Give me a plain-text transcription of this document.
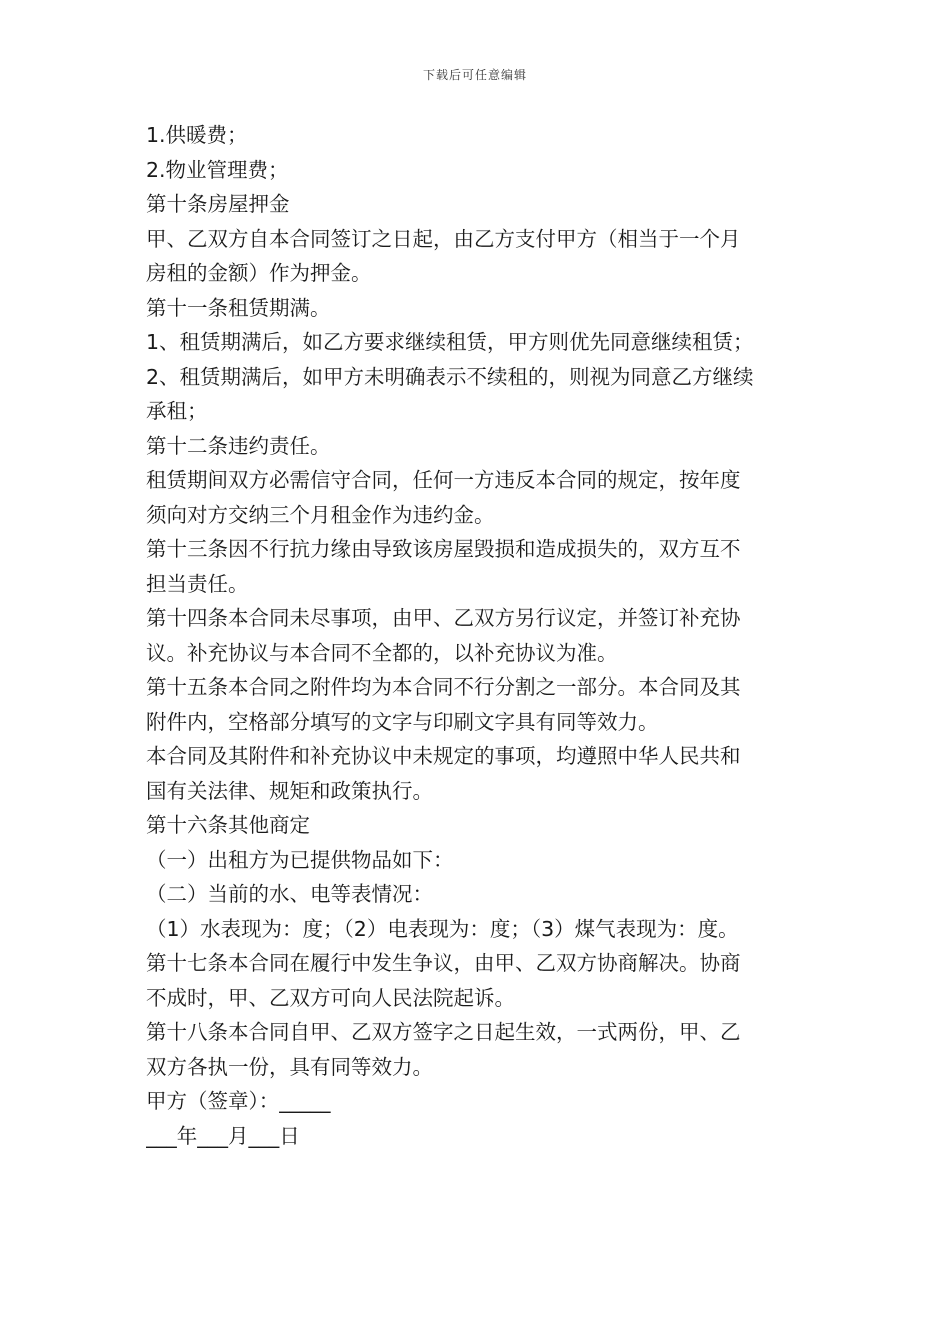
下载后可任意编辑
1.供暖费；
2.物业管理费；
第十条房屋押金
甲、乙双方自本合同签订之日起，由乙方支付甲方（相当于一个月
房租的金额）作为押金。
第十一条租赁期满。
1、租赁期满后，如乙方要求继续租赁，甲方则优先同意继续租赁；
2、租赁期满后，如甲方未明确表示不续租的，则视为同意乙方继续
承租；
第十二条违约责任。
租赁期间双方必需信守合同，任何一方违反本合同的规定，按年度
须向对方交纳三个月租金作为违约金。
第十三条因不行抗力缘由导致该房屋毁损和造成损失的，双方互不
担当责任。
第十四条本合同未尽事项，由甲、乙双方另行议定，并签订补充协
议。补充协议与本合同不全都的，以补充协议为准。
第十五条本合同之附件均为本合同不行分割之一部分。本合同及其
附件内，空格部分填写的文字与印刷文字具有同等效力。
本合同及其附件和补充协议中未规定的事项，均遵照中华人民共和
国有关法律、规矩和政策执行。
第十六条其他商定
（一）出租方为已提供物品如下：
（二）当前的水、电等表情况：
（1）水表现为：度；（2）电表现为：度；（3）煤气表现为：度。
第十七条本合同在履行中发生争议，由甲、乙双方协商解决。协商
不成时，甲、乙双方可向人民法院起诉。
第十八条本合同自甲、乙双方签字之日起生效，一式两份，甲、乙
双方各执一份，具有同等效力。
甲方（签章）：_____
___年___月___日
